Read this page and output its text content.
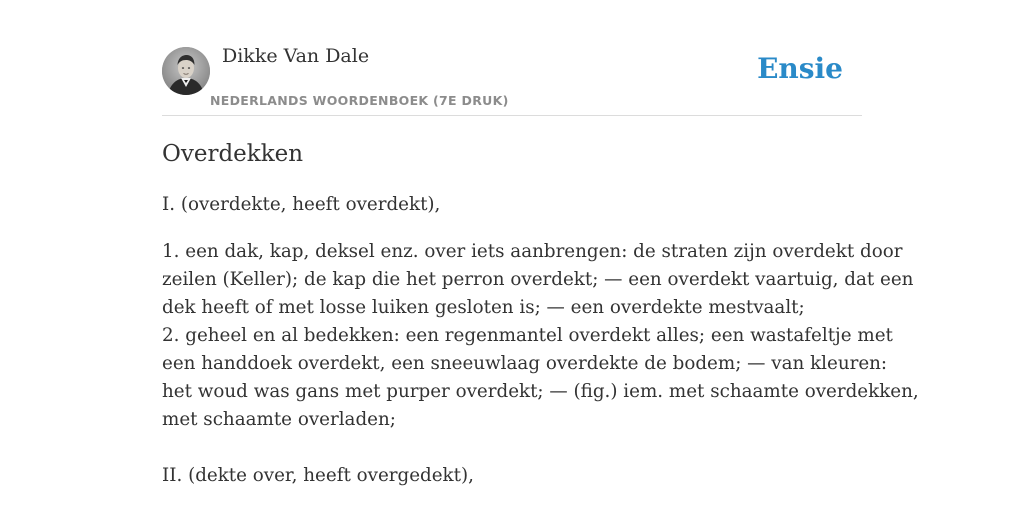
Dikke Van Dale
NEDERLANDS WOORDENBOEK (7E DRUK)
Ensie
Overdekken
I. (overdekte, heeft overdekt),
1. een dak, kap, deksel enz. over iets aanbrengen: de straten zijn overdekt door
zeilen (Keller); de kap die het perron overdekt; — een overdekt vaartuig, dat een
dek heeft of met losse luiken gesloten is; — een overdekte mestvaalt;
2. geheel en al bedekken: een regenmantel overdekt alles; een wastafeltje met
een handdoek overdekt, een sneeuwlaag overdekte de bodem; — van kleuren:
het woud was gans met purper overdekt; — (fig.) iem. met schaamte overdekken,
met schaamte overladen;
II. (dekte over, heeft overgedekt),
